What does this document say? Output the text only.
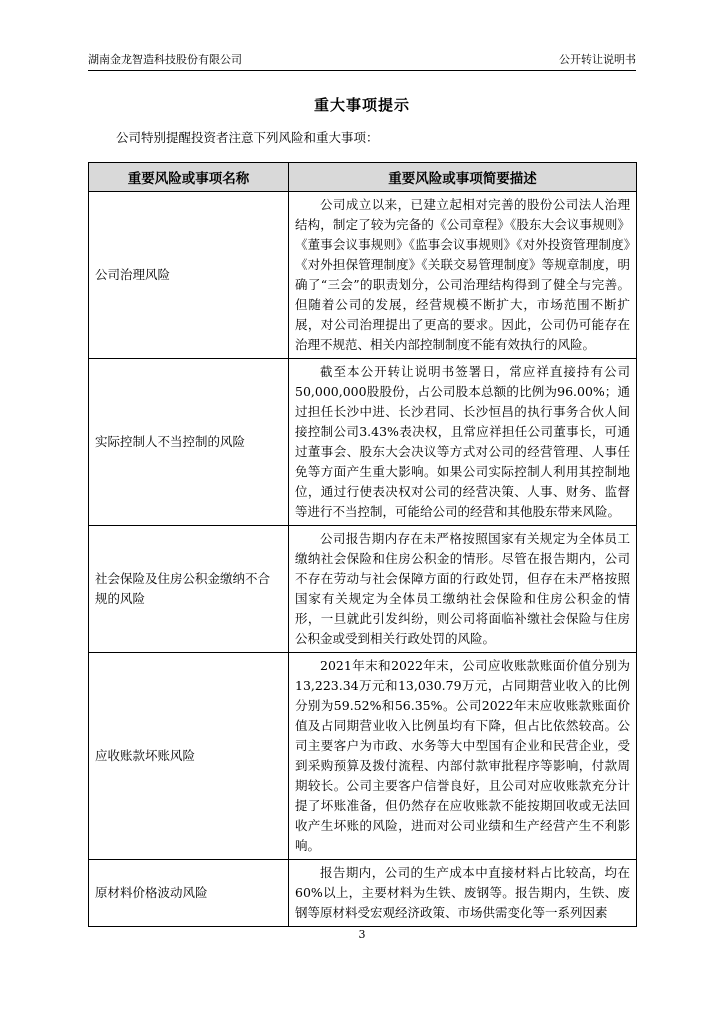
湖南金龙智造科技股份有限公司	公开转让说明书
重大事项提示
公司特别提醒投资者注意下列风险和重大事项：
重要风险或事项名称	重要风险或事项简要描述
公司治理风险	公司成立以来，已建立起相对完善的股份公司法人治理结构，制定了较为完备的《公司章程》《股东大会议事规则》《董事会议事规则》《监事会议事规则》《对外投资管理制度》《对外担保管理制度》《关联交易管理制度》等规章制度，明确了“三会”的职责划分，公司治理结构得到了健全与完善。但随着公司的发展，经营规模不断扩大，市场范围不断扩展，对公司治理提出了更高的要求。因此，公司仍可能存在治理不规范、相关内部控制制度不能有效执行的风险。

实际控制人不当控制的风险	截至本公开转让说明书签署日，常应祥直接持有公司50,000,000股股份，占公司股本总额的比例为96.00%；通过担任长沙中进、长沙君同、长沙恒昌的执行事务合伙人间接控制公司3.43%表决权，且常应祥担任公司董事长，可通过董事会、股东大会决议等方式对公司的经营管理、人事任免等方面产生重大影响。如果公司实际控制人利用其控制地位，通过行使表决权对公司的经营决策、人事、财务、监督等进行不当控制，可能给公司的经营和其他股东带来风险。

社会保险及住房公积金缴纳不合规的风险	公司报告期内存在未严格按照国家有关规定为全体员工缴纳社会保险和住房公积金的情形。尽管在报告期内，公司不存在劳动与社会保障方面的行政处罚，但存在未严格按照国家有关规定为全体员工缴纳社会保险和住房公积金的情形，一旦就此引发纠纷，则公司将面临补缴社会保险与住房公积金或受到相关行政处罚的风险。

应收账款坏账风险	2021年末和2022年末，公司应收账款账面价值分别为13,223.34万元和13,030.79万元，占同期营业收入的比例分别为59.52%和56.35%。公司2022年末应收账款账面价值及占同期营业收入比例虽均有下降，但占比依然较高。公司主要客户为市政、水务等大中型国有企业和民营企业，受到采购预算及拨付流程、内部付款审批程序等影响，付款周期较长。公司主要客户信誉良好，且公司对应收账款充分计提了坏账准备，但仍然存在应收账款不能按期回收或无法回收产生坏账的风险，进而对公司业绩和生产经营产生不利影响。

原材料价格波动风险	报告期内，公司的生产成本中直接材料占比较高，均在60%以上，主要材料为生铁、废钢等。报告期内，生铁、废钢等原材料受宏观经济政策、市场供需变化等一系列因素

3
